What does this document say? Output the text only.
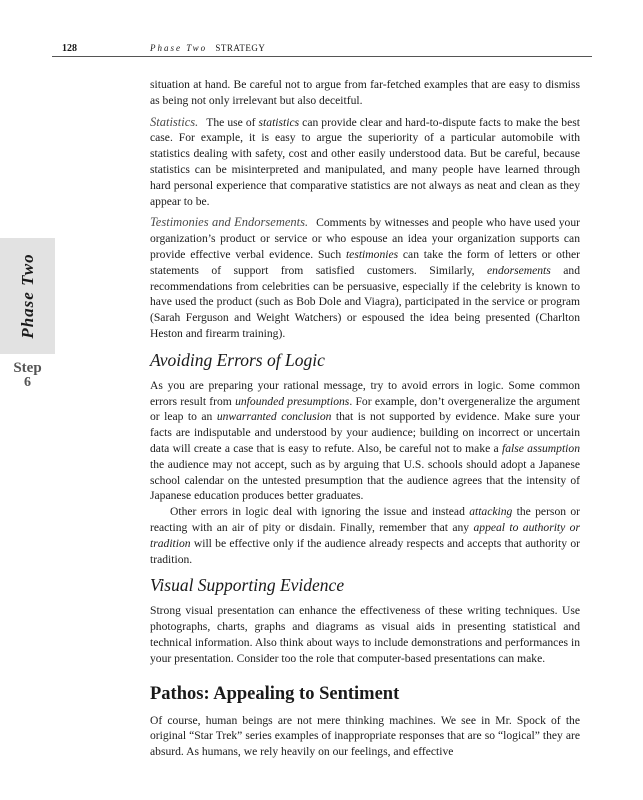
128	Phase Two STRATEGY
Phase Two
Step
6

situation at hand. Be careful not to argue from far-fetched examples that are easy to dismiss as being not only irrelevant but also deceitful.

Statistics. The use of statistics can provide clear and hard-to-dispute facts to make the best case. For example, it is easy to argue the superiority of a particular automobile with statistics dealing with safety, cost and other easily understood data. But be careful, because statistics can be misinterpreted and manipulated, and many people have learned through hard personal experience that comparative statistics are not always as neat and clean as they appear to be.

Testimonies and Endorsements. Comments by witnesses and people who have used your organization’s product or service or who espouse an idea your organization supports can provide effective verbal evidence. Such testimonies can take the form of letters or other statements of support from satisfied customers. Similarly, endorsements and recommendations from celebrities can be persuasive, especially if the celebrity is known to have used the product (such as Bob Dole and Viagra), participated in the service or program (Sarah Ferguson and Weight Watchers) or espoused the idea being presented (Charlton Heston and firearm training).

Avoiding Errors of Logic

As you are preparing your rational message, try to avoid errors in logic. Some common errors result from unfounded presumptions. For example, don’t overgeneralize the argument or leap to an unwarranted conclusion that is not supported by evidence. Make sure your facts are indisputable and understood by your audience; building on incorrect or uncertain data will create a case that is easy to refute. Also, be careful not to make a false assumption the audience may not accept, such as by arguing that U.S. schools should adopt a Japanese school calendar on the untested presumption that the audience agrees that the intensity of Japanese education produces better graduates.

Other errors in logic deal with ignoring the issue and instead attacking the person or reacting with an air of pity or disdain. Finally, remember that any appeal to authority or tradition will be effective only if the audience already respects and accepts that authority or tradition.

Visual Supporting Evidence

Strong visual presentation can enhance the effectiveness of these writing techniques. Use photographs, charts, graphs and diagrams as visual aids in presenting statistical and technical information. Also think about ways to include demonstrations and performances in your presentation. Consider too the role that computer-based presentations can make.

Pathos: Appealing to Sentiment

Of course, human beings are not mere thinking machines. We see in Mr. Spock of the original “Star Trek” series examples of inappropriate responses that are so “logical” they are absurd. As humans, we rely heavily on our feelings, and effective
